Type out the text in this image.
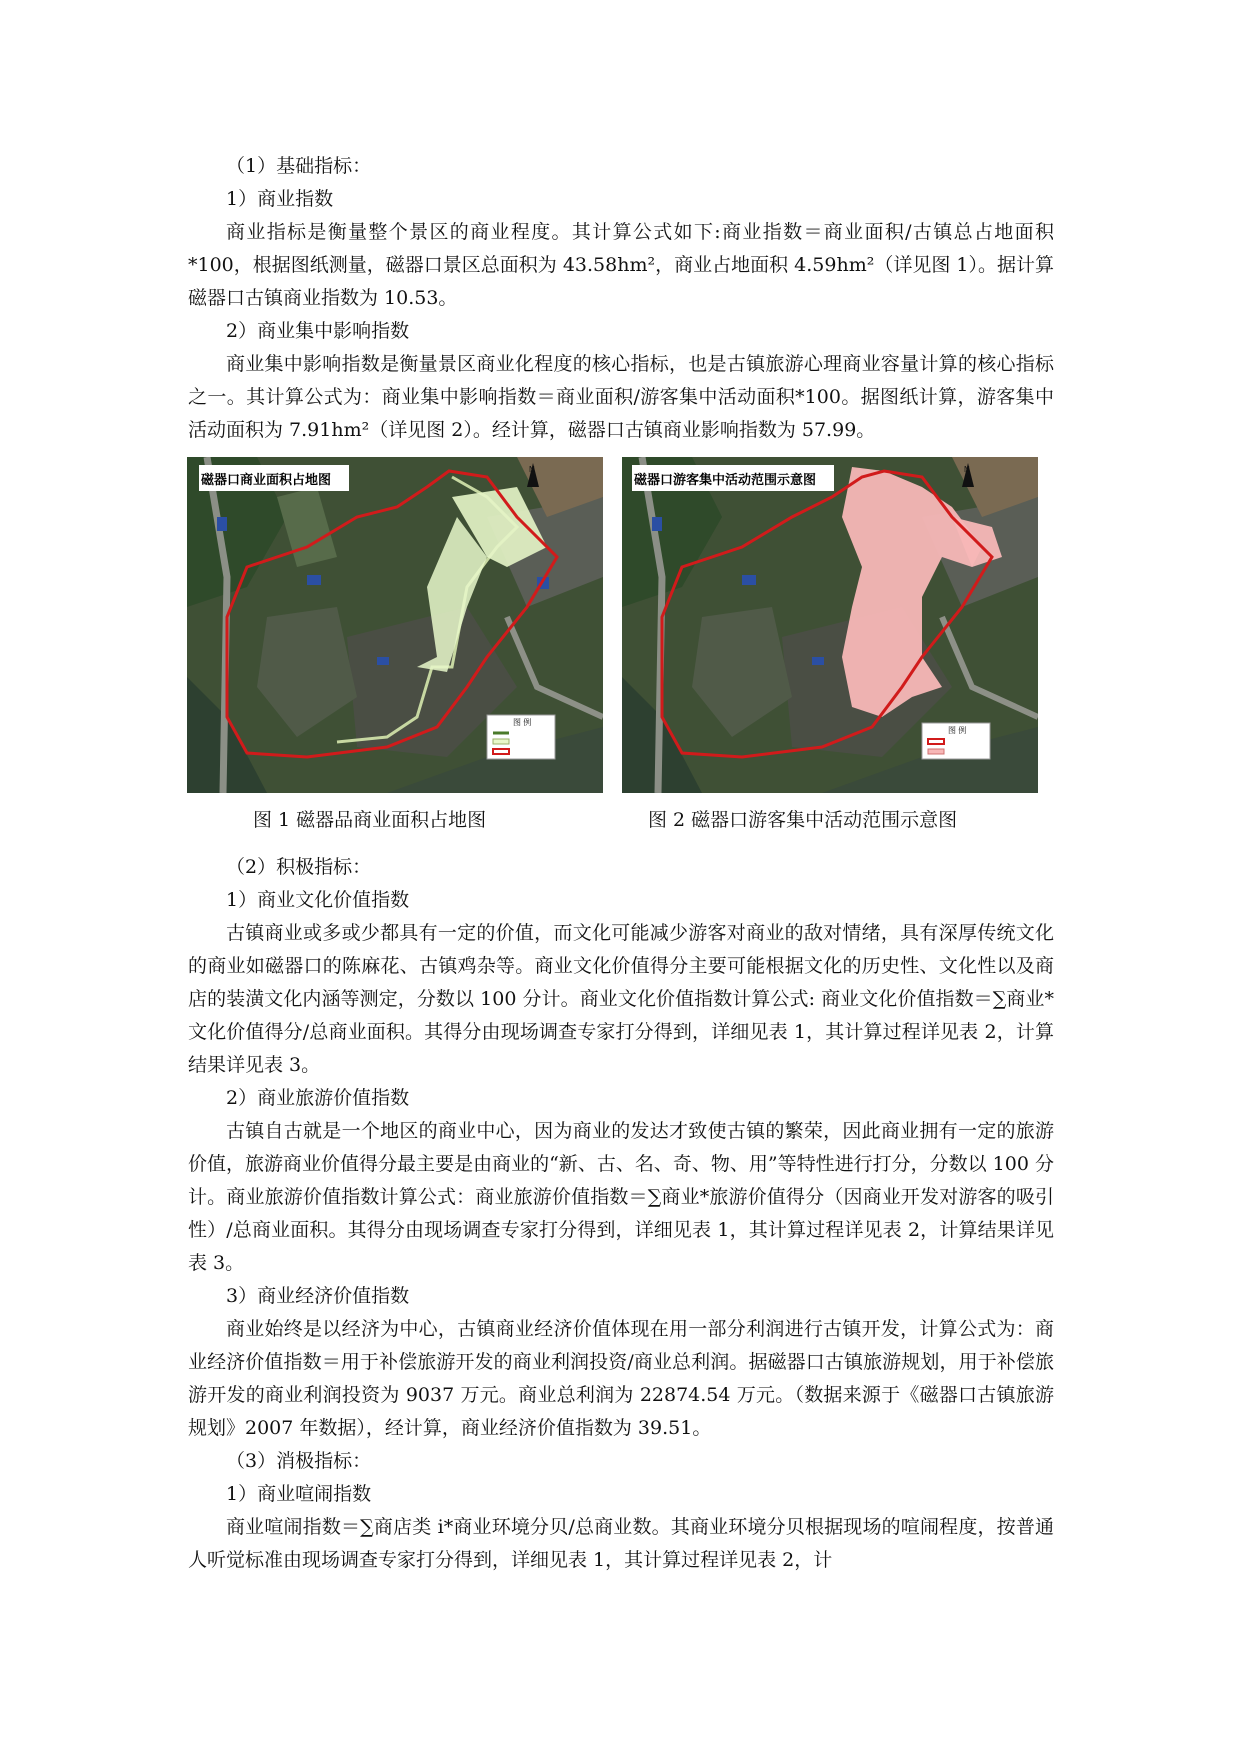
（1）基础指标：

1）商业指数

商业指标是衡量整个景区的商业程度。其计算公式如下:商业指数＝商业面积/古镇总占地面积*100，根据图纸测量，磁器口景区总面积为 43.58hm²，商业占地面积 4.59hm²（详见图 1）。据计算磁器口古镇商业指数为 10.53。

2）商业集中影响指数

商业集中影响指数是衡量景区商业化程度的核心指标，也是古镇旅游心理商业容量计算的核心指标之一。其计算公式为：商业集中影响指数＝商业面积/游客集中活动面积*100。据图纸计算，游客集中活动面积为 7.91hm²（详见图 2）。经计算，磁器口古镇商业影响指数为 57.99。

磁器口商业面积占地图
N
图 例
图 1 磁器品商业面积占地图
磁器口游客集中活动范围示意图
N
图 例
图 2 磁器口游客集中活动范围示意图

（2）积极指标：

1）商业文化价值指数

古镇商业或多或少都具有一定的价值，而文化可能减少游客对商业的敌对情绪，具有深厚传统文化的商业如磁器口的陈麻花、古镇鸡杂等。商业文化价值得分主要可能根据文化的历史性、文化性以及商店的装潢文化内涵等测定，分数以 100 分计。商业文化价值指数计算公式: 商业文化价值指数＝∑商业*文化价值得分/总商业面积。其得分由现场调查专家打分得到，详细见表 1，其计算过程详见表 2，计算结果详见表 3。

2）商业旅游价值指数

古镇自古就是一个地区的商业中心，因为商业的发达才致使古镇的繁荣，因此商业拥有一定的旅游价值，旅游商业价值得分最主要是由商业的“新、古、名、奇、物、用”等特性进行打分，分数以 100 分计。商业旅游价值指数计算公式：商业旅游价值指数＝∑商业*旅游价值得分（因商业开发对游客的吸引性）/总商业面积。其得分由现场调查专家打分得到，详细见表 1，其计算过程详见表 2，计算结果详见表 3。

3）商业经济价值指数

商业始终是以经济为中心，古镇商业经济价值体现在用一部分利润进行古镇开发，计算公式为：商业经济价值指数＝用于补偿旅游开发的商业利润投资/商业总利润。据磁器口古镇旅游规划，用于补偿旅游开发的商业利润投资为 9037 万元。商业总利润为 22874.54 万元。（数据来源于《磁器口古镇旅游规划》2007 年数据），经计算，商业经济价值指数为 39.51。

（3）消极指标：

1）商业喧闹指数

商业喧闹指数＝∑商店类 i*商业环境分贝/总商业数。其商业环境分贝根据现场的喧闹程度，按普通人听觉标准由现场调查专家打分得到，详细见表 1，其计算过程详见表 2，计
